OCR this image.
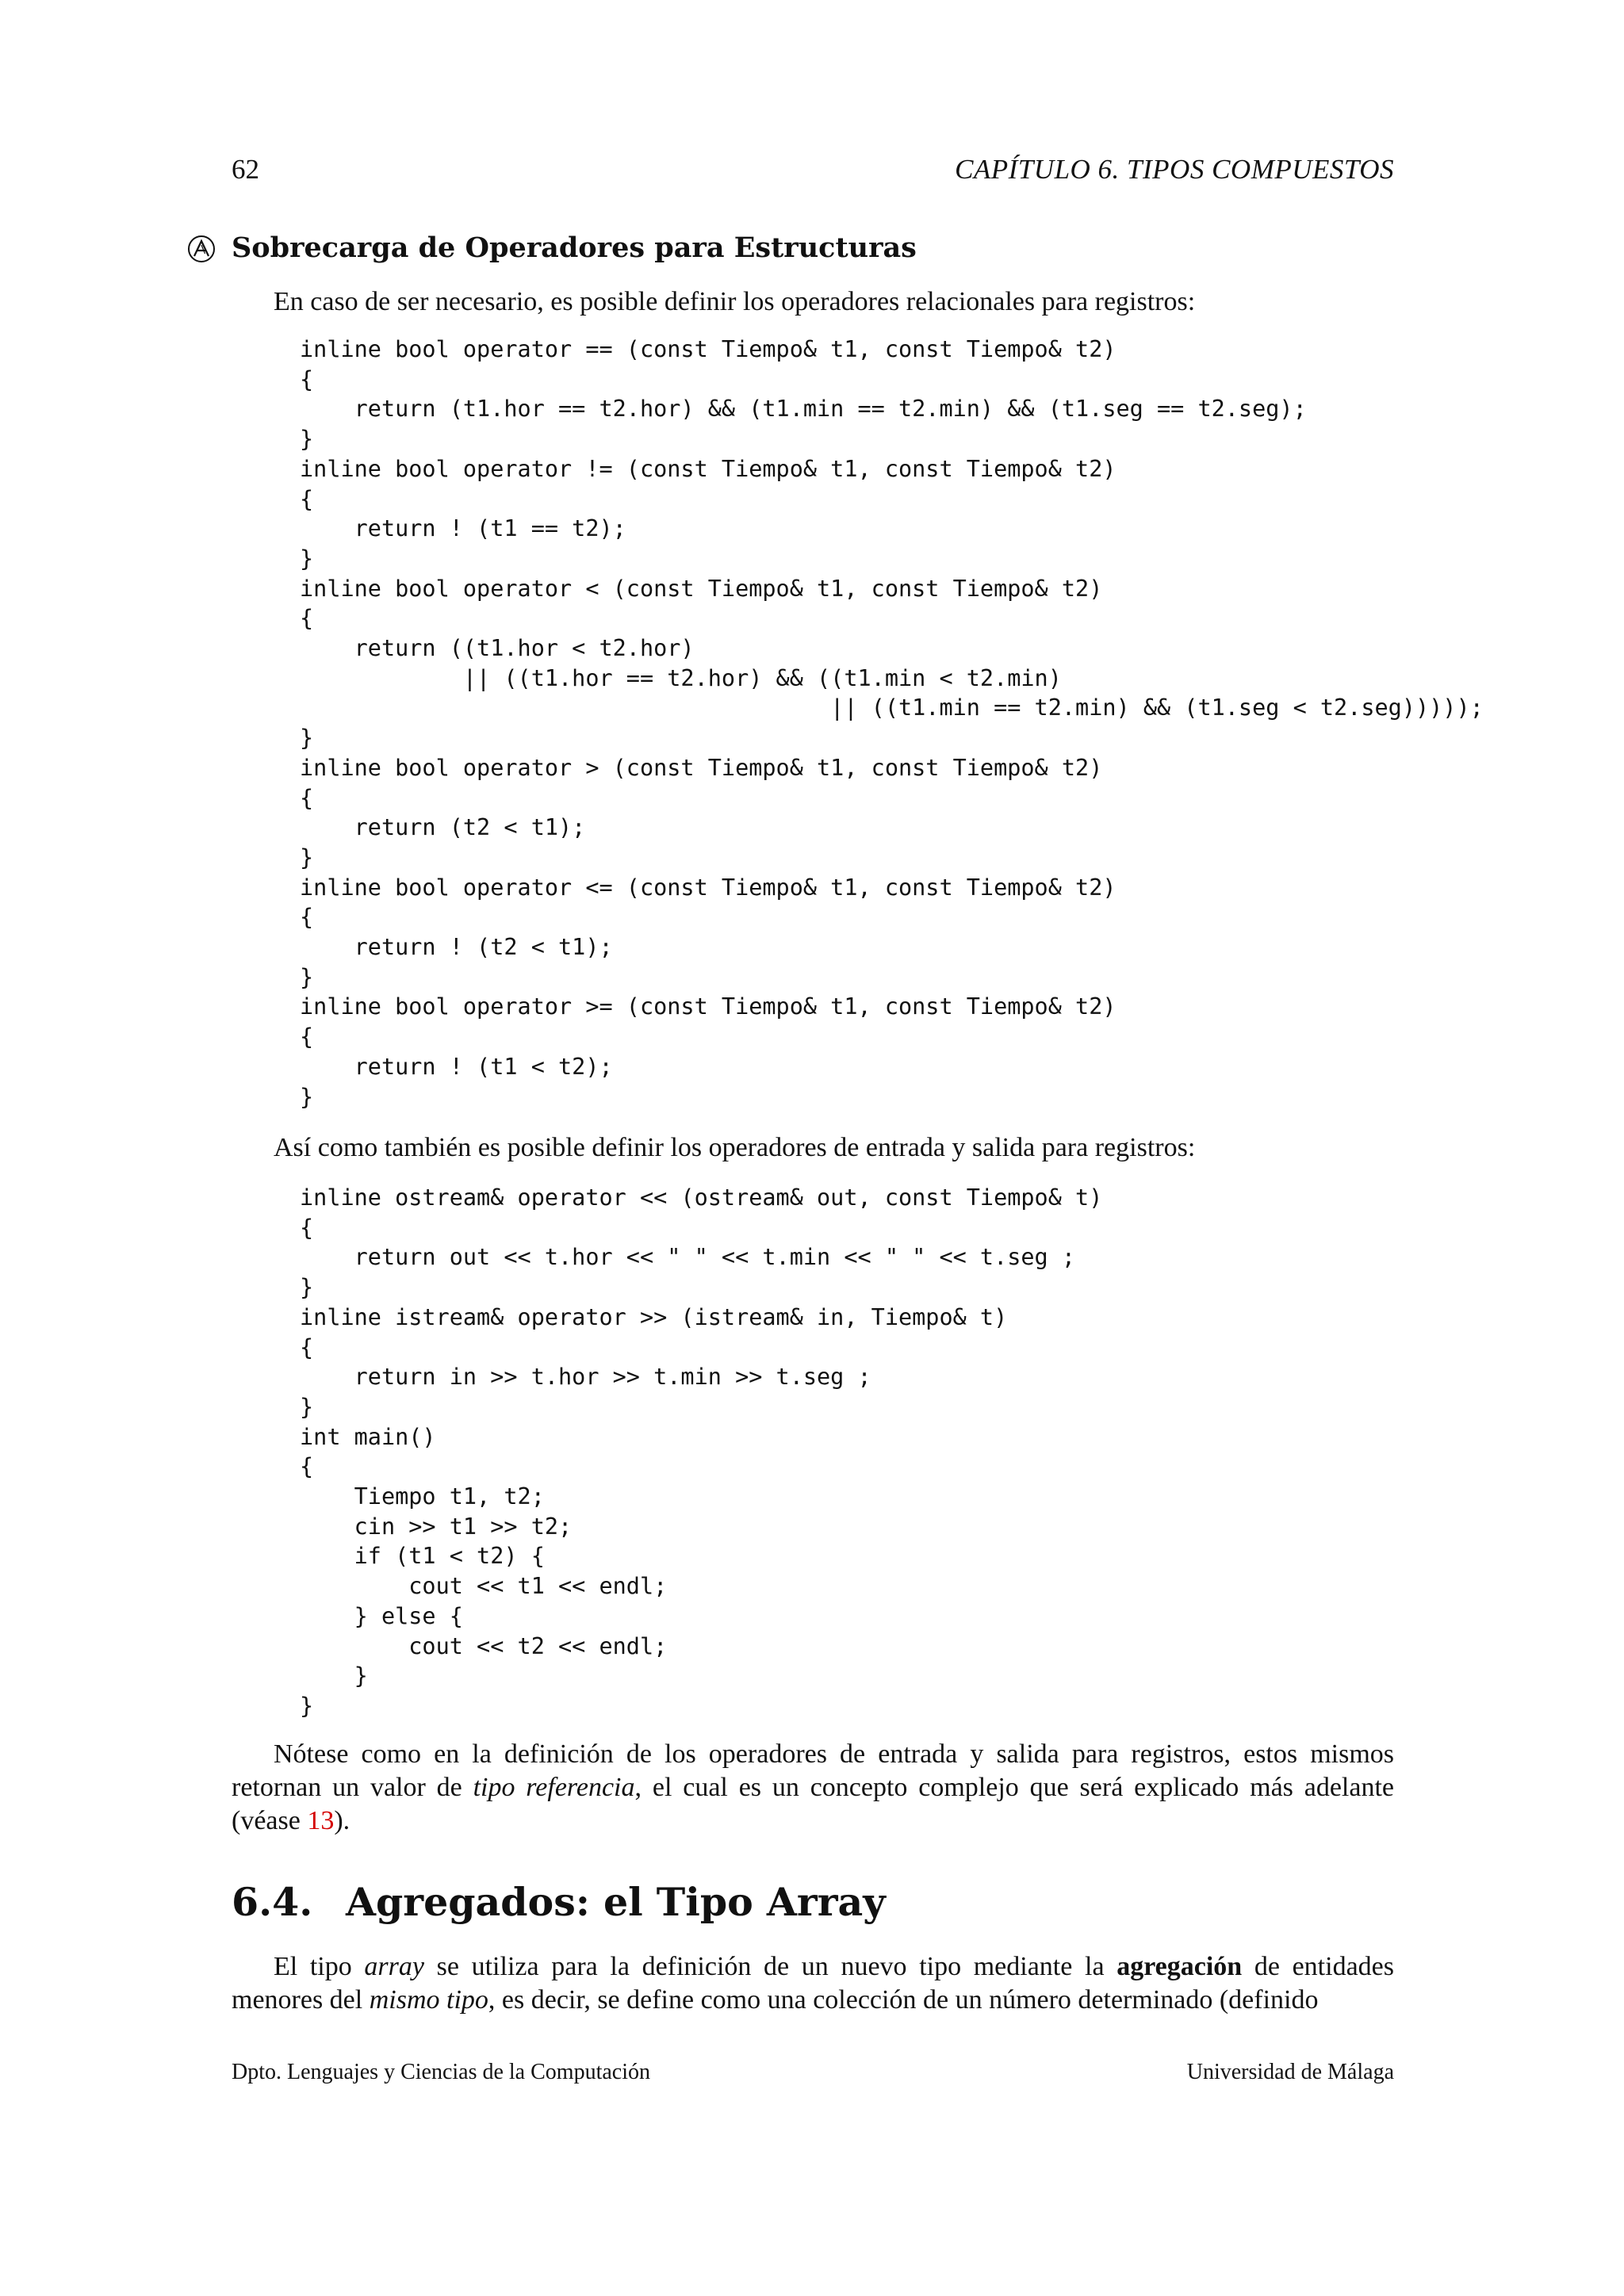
62	CAPÍTULO 6. TIPOS COMPUESTOS
Sobrecarga de Operadores para Estructuras
En caso de ser necesario, es posible definir los operadores relacionales para registros:
inline bool operator == (const Tiempo& t1, const Tiempo& t2)
{
return (t1.hor == t2.hor) && (t1.min == t2.min) && (t1.seg == t2.seg);
}
inline bool operator != (const Tiempo& t1, const Tiempo& t2)
{
return ! (t1 == t2);
}
inline bool operator < (const Tiempo& t1, const Tiempo& t2)
{
return ((t1.hor < t2.hor)
|| ((t1.hor == t2.hor) && ((t1.min < t2.min)
|| ((t1.min == t2.min) && (t1.seg < t2.seg)))));
}
inline bool operator > (const Tiempo& t1, const Tiempo& t2)
{
return (t2 < t1);
}
inline bool operator <= (const Tiempo& t1, const Tiempo& t2)
{
return ! (t2 < t1);
}
inline bool operator >= (const Tiempo& t1, const Tiempo& t2)
{
return ! (t1 < t2);
}
Así como también es posible definir los operadores de entrada y salida para registros:
inline ostream& operator << (ostream& out, const Tiempo& t)
{
return out << t.hor << " " << t.min << " " << t.seg ;
}
inline istream& operator >> (istream& in, Tiempo& t)
{
return in >> t.hor >> t.min >> t.seg ;
}
int main()
{
Tiempo t1, t2;
cin >> t1 >> t2;
if (t1 < t2) {
cout << t1 << endl;
} else {
cout << t2 << endl;
}
}
Nótese como en la definición de los operadores de entrada y salida para registros, estos mismos retornan un valor de tipo referencia, el cual es un concepto complejo que será explicado más adelante (véase 13).
6.4. Agregados: el Tipo Array
El tipo array se utiliza para la definición de un nuevo tipo mediante la agregación de entidades menores del mismo tipo, es decir, se define como una colección de un número determinado (definido
Dpto. Lenguajes y Ciencias de la Computación	Universidad de Málaga
